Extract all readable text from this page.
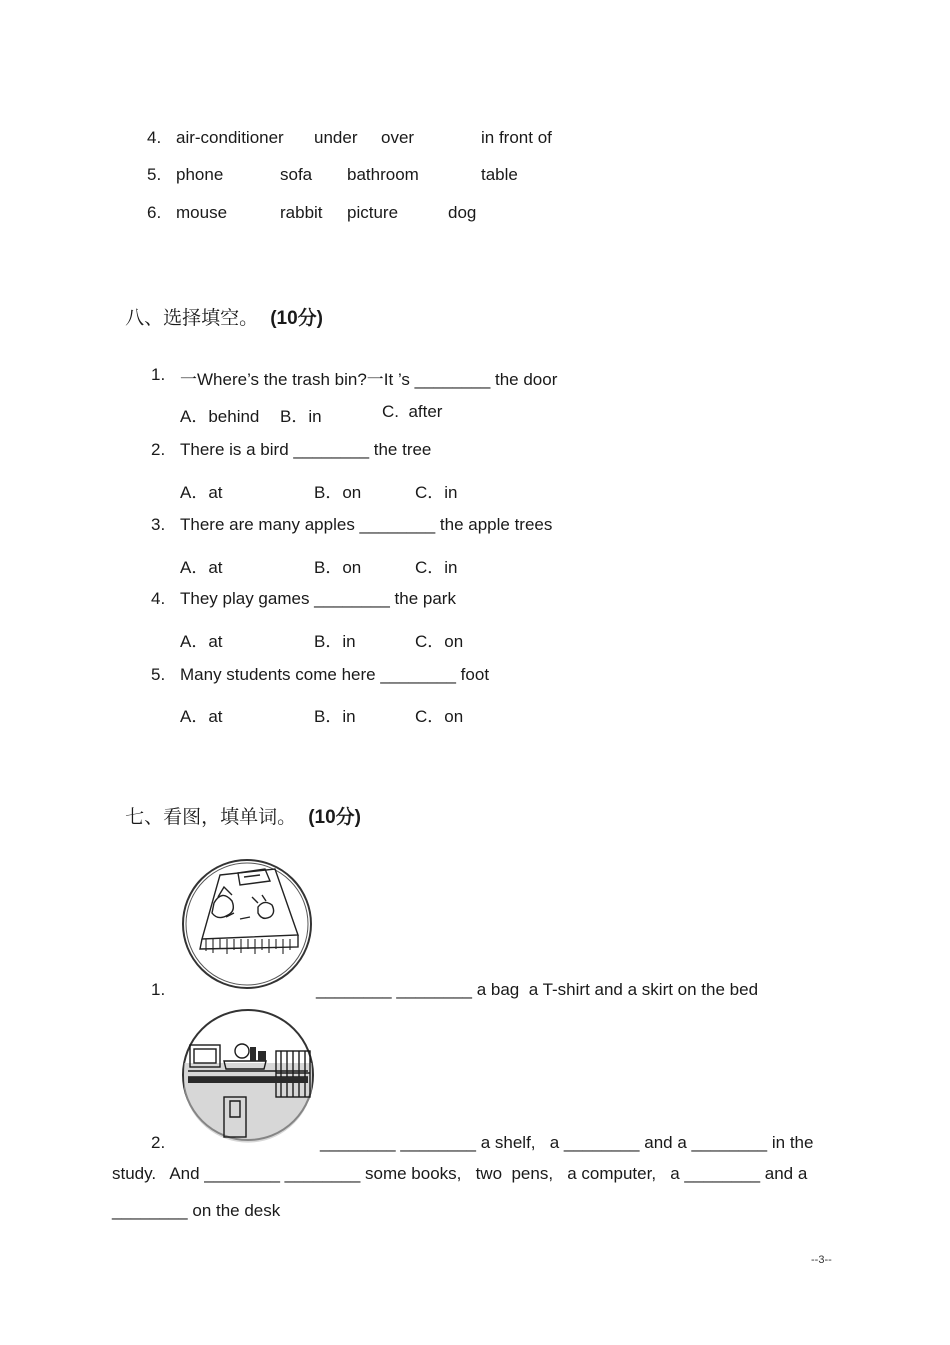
4. air-conditioner under over	in front of
5. phone	sofa bathroom	table
6. mouse	rabbit picture	dog

八、选择填空。 (10分)

1. 一Where’s the trash bin?一It ’s ________ the door
A．behind B．in	C.  after
2. There is a bird ________ the tree
A．at	B．on	C．in
3. There are many apples ________ the apple trees
A．at	B．on	C．in
4. They play games ________ the park
A．at	B．in	C．on
5. Many students come here ________ foot
A．at	B．in	C．on

七、看图，填单词。 (10分)

1.	________ ________ a bag  a T-shirt and a skirt on the bed
2.	________ ________ a shelf,   a ________ and a ________ in the
study.   And ________ ________ some books,   two  pens,   a computer,   a ________ and a
________ on the desk
--3--
